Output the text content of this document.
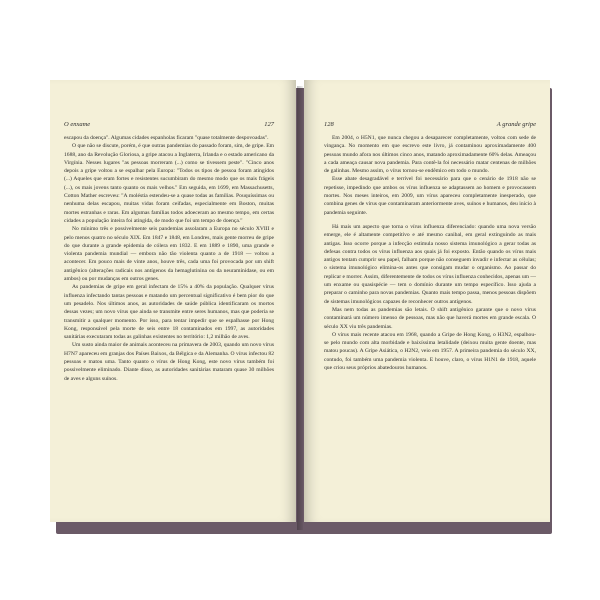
O enxame	127

escapou da doença". Algumas cidades espanholas ficaram "quase totalmente despovoadas".

O que não se discute, porém, é que outras pandemias do passado foram, sim, de gripe. Em 1688, ano da Revolução Gloriosa, a gripe atacou a Inglaterra, Irlanda e o estado americano da Virgínia. Nesses lugares "as pessoas morreram (...) como se tivessem peste". "Cinco anos depois a gripe voltou a se espalhar pela Europa: "Todos os tipos de pessoa foram atingidos (...) Aqueles que eram fortes e resistentes sucumbiram do mesmo modo que os mais frágeis (...), os mais jovens tanto quanto os mais velhos." Em seguida, em 1699, em Massachusetts, Cotton Mather escreveu: "A moléstia estendeu-se a quase todas as famílias. Pouquíssimas ou nenhuma delas escapou, muitas vidas foram ceifadas, especialmente em Boston, muitas mortes estranhas e raras. Em algumas famílias todos adoeceram ao mesmo tempo, em certas cidades a população inteira foi atingida, de modo que foi um tempo de doença."

No mínimo três e possivelmente seis pandemias assolaram a Europa no século XVIII e pelo menos quatro no século XIX. Em 1847 e 1848, em Londres, mais gente morreu de gripe do que durante a grande epidemia de cólera em 1832. E em 1889 e 1890, uma grande e violenta pandemia mundial — embora não tão violenta quanto a de 1918 — voltou a acontecer. Em pouco mais de vinte anos, houve três, cada uma foi provocada por um shift antigênico (alterações radicais nos antígenos da hemaglutinina ou da neuraminidase, ou em ambos) ou por mudanças em outros genes.

As pandemias de gripe em geral infectam de 15% a 40% da população. Qualquer vírus influenza infectando tantas pessoas e matando um percentual significativo é bem pior do que um pesadelo. Nos últimos anos, as autoridades de saúde pública identificaram os mortos dessas vezes; um novo vírus que ainda se transmite entre seres humanos, mas que poderia se transmitir a qualquer momento. Por isso, para tentar impedir que se espalhasse por Hong Kong, responsável pela morte de seis entre 18 contaminados em 1997, as autoridades sanitárias executaram todas as galinhas existentes no território: 1,2 milhão de aves.

Um susto ainda maior de animais aconteceu na primavera de 2003, quando um novo vírus H7N7 apareceu em granjas dos Países Baixos, da Bélgica e da Alemanha. O vírus infectou 82 pessoas e matou uma. Tanto quanto o vírus de Hong Kong, este novo vírus também foi possivelmente eliminado. Diante disso, as autoridades sanitárias mataram quase 30 milhões de aves e alguns suínos.

128	A grande gripe

Em 2004, o H5N1, que nunca chegou a desaparecer completamente, voltou com sede de vingança. No momento em que escrevo este livro, já contaminou aproximadamente 400 pessoas mundo afora nos últimos cinco anos, matando aproximadamente 60% delas. Ameaçou a cada ameaça causar nova pandemia. Para contê-la foi necessário matar centenas de milhões de galinhas. Mesmo assim, o vírus tornou-se endêmico em todo o mundo.

Esse abate desagradável e terrível foi necessário para que o cenário de 1918 não se repetisse, impedindo que ambos os vírus influenza se adaptassem ao homem e provocassem mortes. Nos meses inteiros, em 2009, um vírus apareceu completamente inesperado, que combina genes de vírus que contaminaram anteriormente aves, suínos e humanos, deu início à pandemia seguinte.

Há mais um aspecto que torna o vírus influenza diferenciado: quando uma nova versão emerge, ele é altamente competitivo e até mesmo canibal, em geral extinguindo as mais antigas. Isso ocorre porque a infecção estimula nosso sistema imunológico a gerar todas as defesas contra todos os vírus influenza aos quais já foi exposto. Então quando os vírus mais antigos tentam cumprir seu papel, falham porque não conseguem invadir e infectar as células; o sistema imunológico elimina-os antes que consigam mudar o organismo. Ao passar do replicar e morrer. Assim, diferentemente de todos os vírus influenza conhecidos, apenas um — um enxame ou quasispécie — tem o domínio durante um tempo específico. Isso ajuda a preparar o caminho para novas pandemias. Quanto mais tempo passa, menos pessoas dispõem de sistemas imunológicos capazes de reconhecer outros antígenos.

Mas nem todas as pandemias são letais. O shift antigênico garante que o novo vírus contaminará um número imenso de pessoas, mas não que haverá mortes em grande escala. O século XX viu três pandemias.

O vírus mais recente atacou em 1968, quando a Gripe de Hong Kong, o H3N2, espalhou-se pelo mundo com alta morbidade e baixíssima letalidade (deixou muita gente doente, mas matou poucas). A Gripe Asiática, o H2N2, veio em 1957. A primeira pandemia do século XX, contudo, foi também uma pandemia violenta. E houve, claro, o vírus H1N1 de 1918, aquele que criou seus próprios abatedouros humanos.
